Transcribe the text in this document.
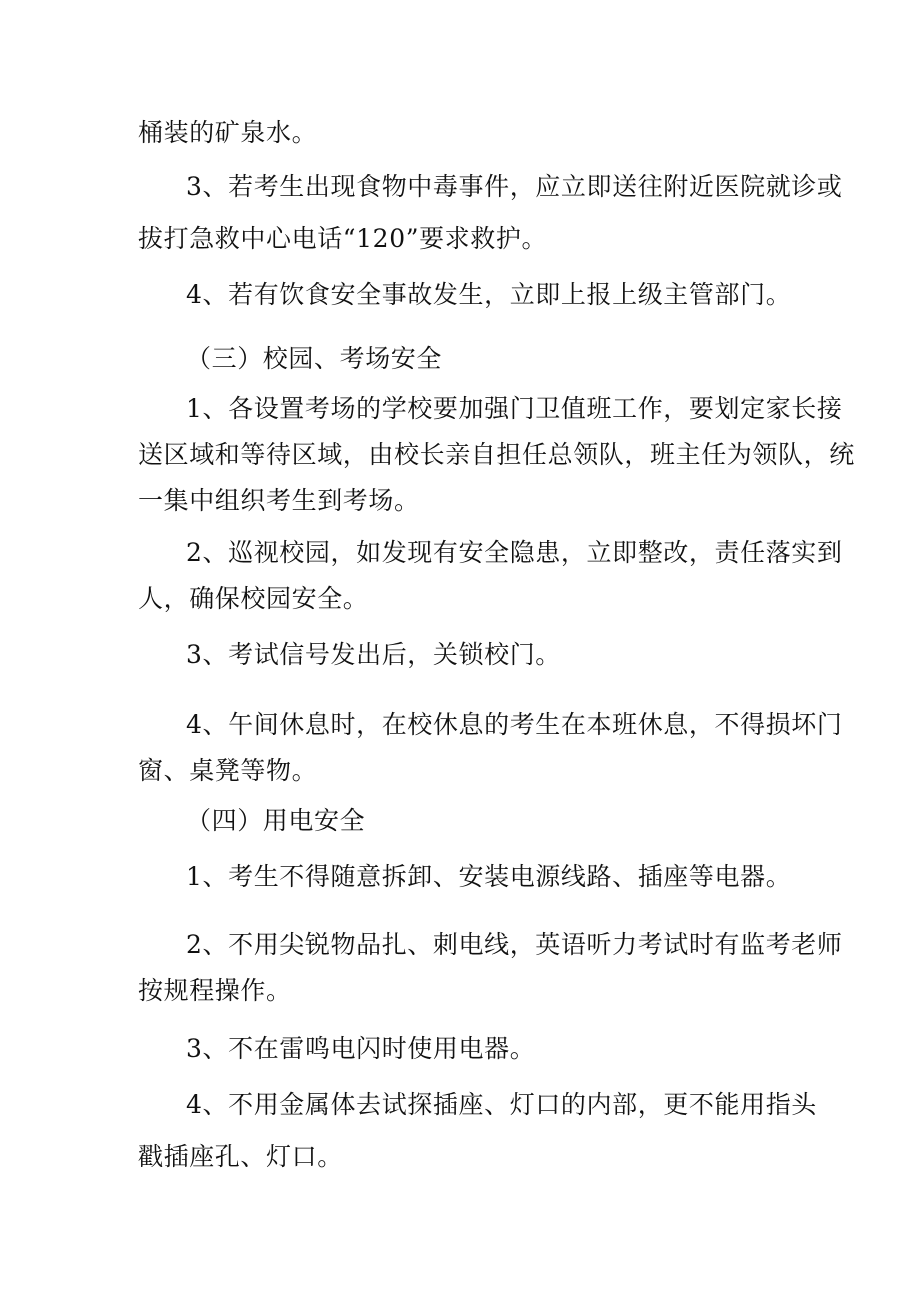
桶装的矿泉水。

3、若考生出现食物中毒事件，应立即送往附近医院就诊或

拔打急救中心电话“120”要求救护。

4、若有饮食安全事故发生，立即上报上级主管部门。

（三）校园、考场安全

1、各设置考场的学校要加强门卫值班工作，要划定家长接

送区域和等待区域，由校长亲自担任总领队，班主任为领队，统

一集中组织考生到考场。

2、巡视校园，如发现有安全隐患，立即整改，责任落实到

人，确保校园安全。

3、考试信号发出后，关锁校门。

4、午间休息时，在校休息的考生在本班休息，不得损坏门

窗、桌凳等物。

（四）用电安全

1、考生不得随意拆卸、安装电源线路、插座等电器。

2、不用尖锐物品扎、刺电线，英语听力考试时有监考老师

按规程操作。

3、不在雷鸣电闪时使用电器。

4、不用金属体去试探插座、灯口的内部，更不能用指头

戳插座孔、灯口。
